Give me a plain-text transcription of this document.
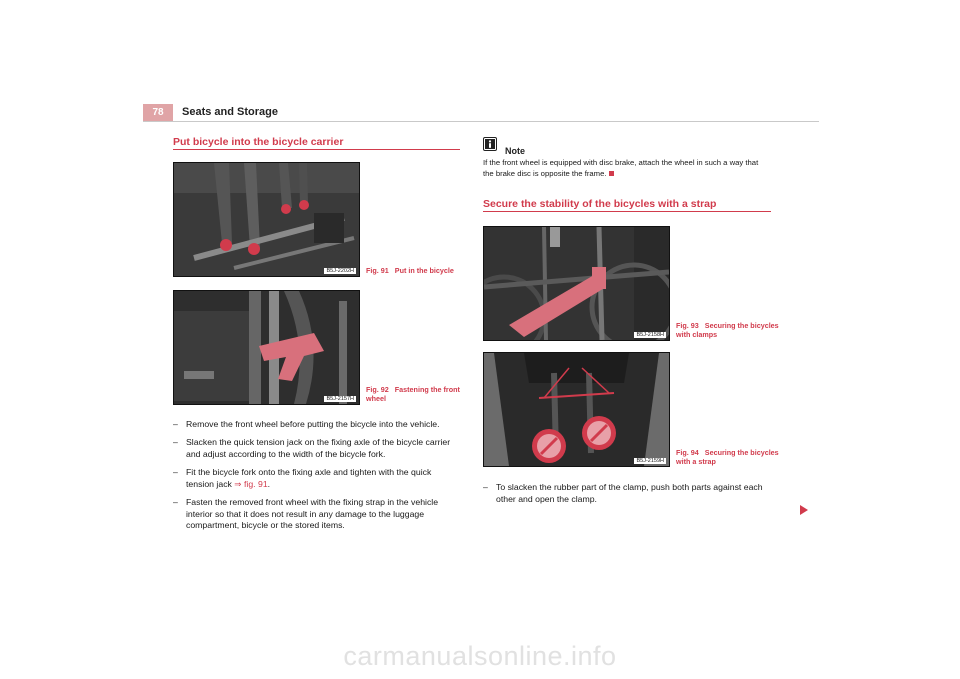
78	Seats and Storage
Put bicycle into the bicycle carrier
B5J-2202H Fig. 91 Put in the bicycle
B5J-2157H
Fig. 92 Fastening the front
wheel
– Remove the front wheel before putting the bicycle into the vehicle.
– Slacken the quick tension jack on the fixing axle of the bicycle carrier
and adjust according to the width of the bicycle fork.
– Fit the bicycle fork onto the fixing axle and tighten with the quick
tension jack ⇒ fig. 91.
– Fasten the removed front wheel with the fixing strap in the vehicle
interior so that it does not result in any damage to the luggage
compartment, bicycle or the stored items.
Note
If the front wheel is equipped with disc brake, attach the wheel in such a way that
the brake disc is opposite the frame.
Secure the stability of the bicycles with a strap
B5J-2158H
Fig. 93 Securing the bicycles
with clamps
B5J-2159H
Fig. 94 Securing the bicycles
with a strap
– To slacken the rubber part of the clamp, push both parts against each
other and open the clamp.
carmanualsonline.info
